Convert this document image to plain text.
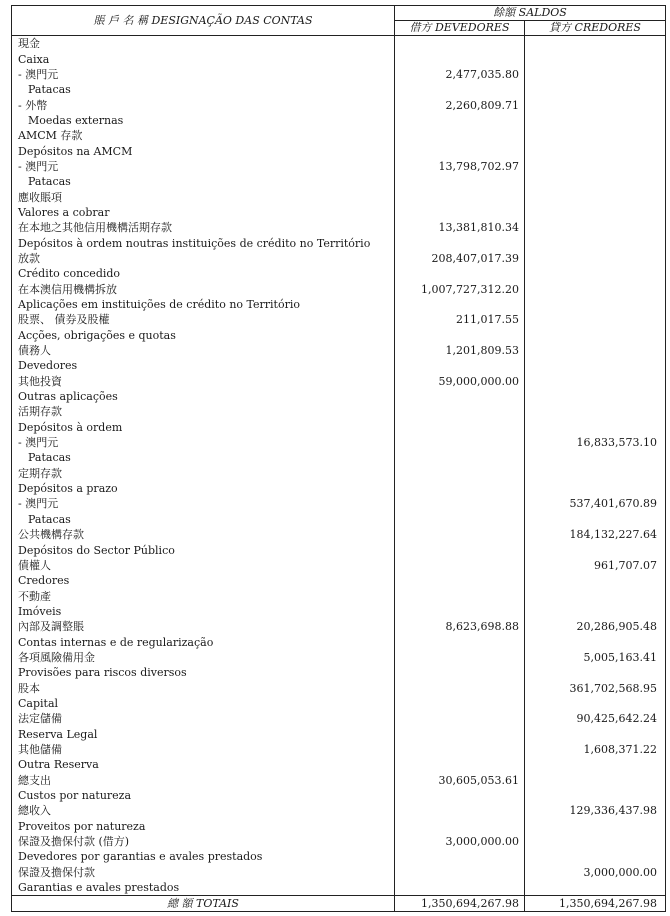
賬 戶 名 稱 DESIGNAÇÃO DAS CONTAS	餘額 SALDOS	
	借方 DEVEDORES	貸方 CREDORES
現金		
Caixa		
- 澳門元	2,477,035.80	
Patacas		
- 外幣	2,260,809.71	
Moedas externas		
AMCM 存款		
Depósitos na AMCM		
- 澳門元	13,798,702.97	
Patacas		
應收賬項		
Valores a cobrar		
在本地之其他信用機構活期存款	13,381,810.34	
Depósitos à ordem noutras instituições de crédito no Território		
放款	208,407,017.39	
Crédito concedido		
在本澳信用機構拆放	1,007,727,312.20	
Aplicações em instituições de crédito no Território		
股票、 債券及股權	211,017.55	
Acções, obrigações e quotas		
債務人	1,201,809.53	
Devedores		
其他投資	59,000,000.00	
Outras aplicações		
活期存款		
Depósitos à ordem		
- 澳門元		16,833,573.10
Patacas		
定期存款		
Depósitos a prazo		
- 澳門元		537,401,670.89
Patacas		
公共機構存款		184,132,227.64
Depósitos do Sector Público		
債權人		961,707.07
Credores		
不動產		
Imóveis		
內部及調整賬	8,623,698.88	20,286,905.48
Contas internas e de regularização		
各項風險備用金		5,005,163.41
Provisões para riscos diversos		
股本		361,702,568.95
Capital		
法定儲備		90,425,642.24
Reserva Legal		
其他儲備		1,608,371.22
Outra Reserva		
總支出	30,605,053.61	
Custos por natureza		
總收入		129,336,437.98
Proveitos por natureza		
保證及擔保付款 (借方)	3,000,000.00	
Devedores por garantias e avales prestados		
保證及擔保付款		3,000,000.00
Garantias e avales prestados		
總 額 TOTAIS	1,350,694,267.98	1,350,694,267.98
